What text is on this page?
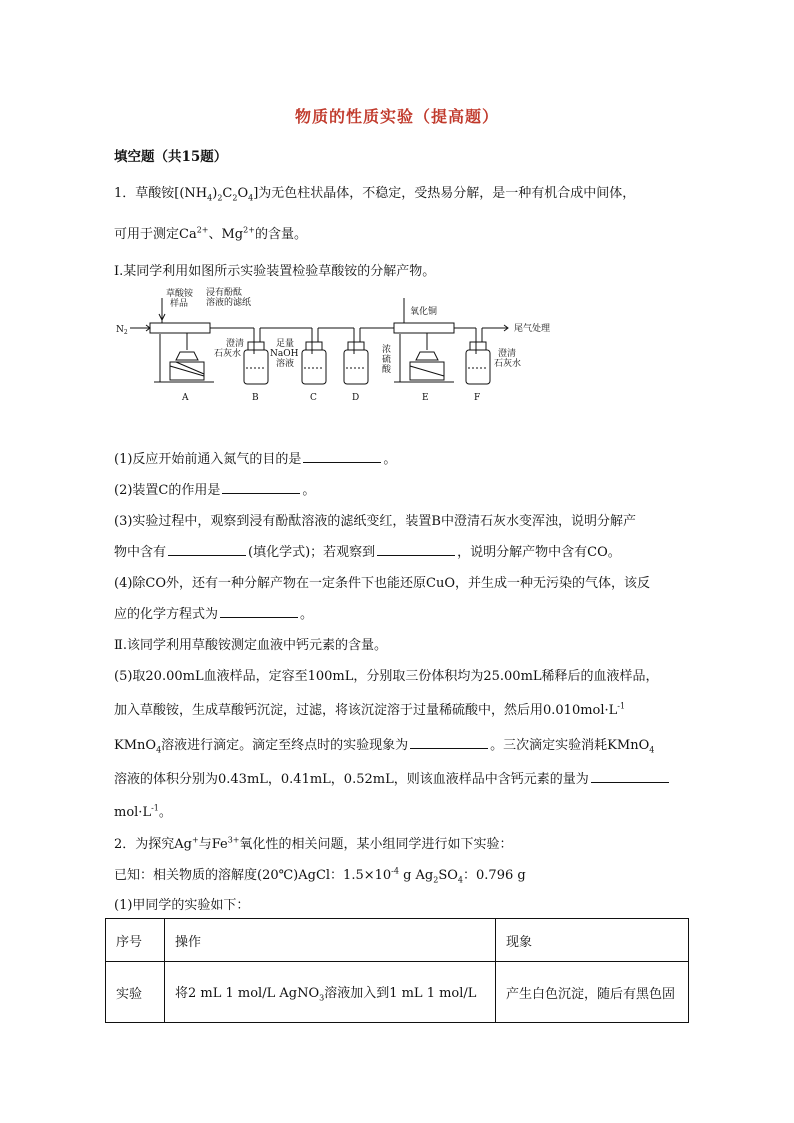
物质的性质实验（提高题）
填空题（共15题）
1．草酸铵$[(NH_4)_2C_2O_4]$为无色柱状晶体，不稳定，受热易分解，是一种有机合成中间体，
可用于测定$Ca^{2+}$、$Mg^{2+}$的含量。
Ⅰ.某同学利用如图所示实验装置检验草酸铵的分解产物。
$N_2$
草酸铵样品
浸有酚酞溶液的滤纸
澄清石灰水
足量 NaOH 溶液
浓硫酸
氧化铜
尾气处理
澄清石灰水
A	B	C	D	E	F
(1)反应开始前通入氮气的目的是	。
(2)装置C的作用是	。
(3)实验过程中，观察到浸有酚酞溶液的滤纸变红，装置B中澄清石灰水变浑浊，说明分解产
物中含有	(填化学式)；若观察到	，说明分解产物中含有CO。
(4)除CO外，还有一种分解产物在一定条件下也能还原CuO，并生成一种无污染的气体，该反
应的化学方程式为	。
Ⅱ.该同学利用草酸铵测定血液中钙元素的含量。
(5)取20.00mL血液样品，定容至100mL，分别取三份体积均为25.00mL稀释后的血液样品，
加入草酸铵，生成草酸钙沉淀，过滤，将该沉淀溶于过量稀硫酸中，然后用$0.010mol\cdot L^{-1}$
KMnO$_4$溶液进行滴定。滴定至终点时的实验现象为	。三次滴定实验消耗KMnO$_4$
溶液的体积分别为0.43mL，0.41mL，0.52mL，则该血液样品中含钙元素的量为
$mol\cdot L^{-1}$。
2．为探究Ag+与$Fe^{3+}$氧化性的相关问题，某小组同学进行如下实验：
已知：相关物质的溶解度(20℃)AgCl：$1.5\times 10^{-4}$ g $Ag_2SO_4$：0.796 g
(1)甲同学的实验如下：
序号	操作	现象
实验	将2 mL 1 mol/L AgNO$_3$溶液加入到1 mL 1 mol/L	产生白色沉淀，随后有黑色固
